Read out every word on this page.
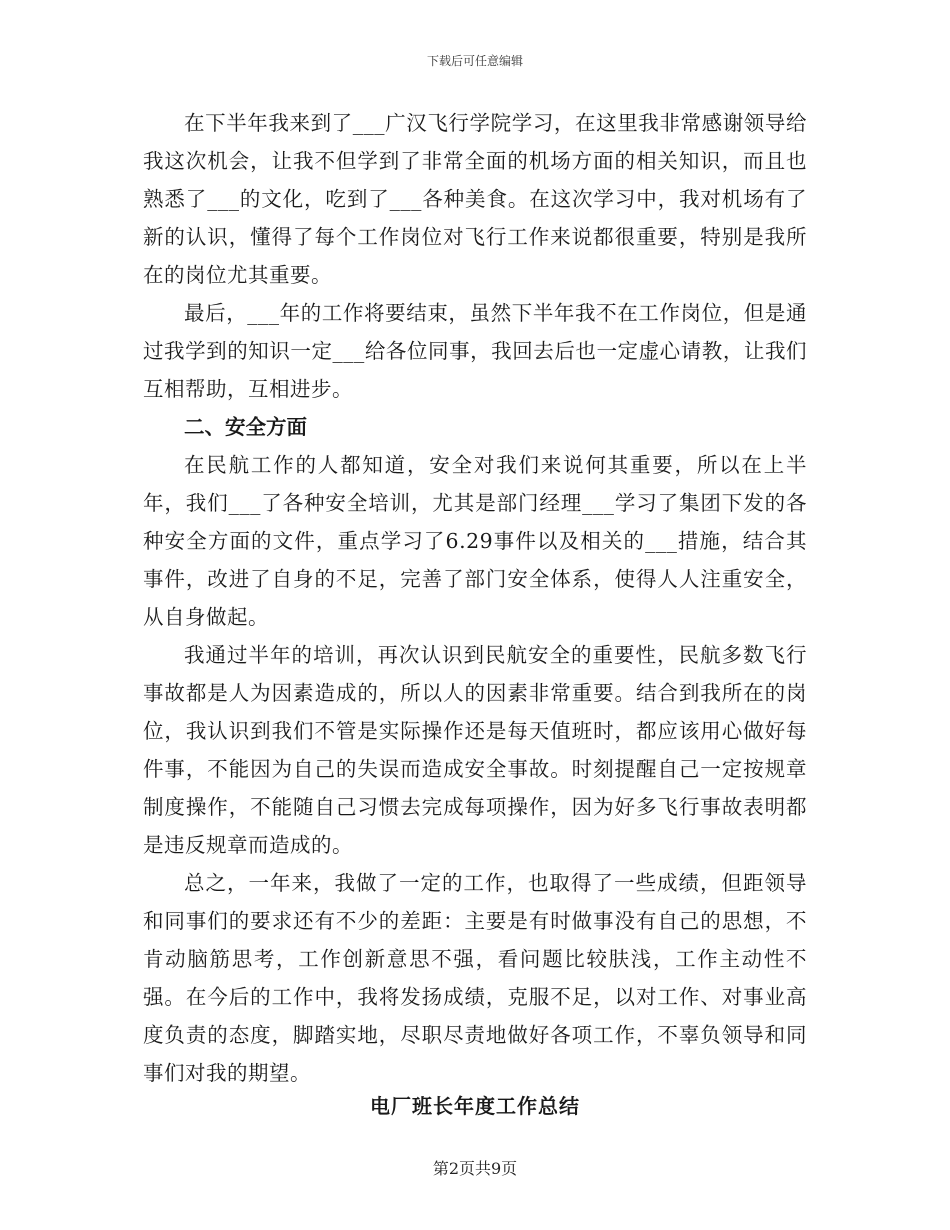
下载后可任意编辑

在下半年我来到了___广汉飞行学院学习，在这里我非常感谢领导给我这次机会，让我不但学到了非常全面的机场方面的相关知识，而且也熟悉了___的文化，吃到了___各种美食。在这次学习中，我对机场有了新的认识，懂得了每个工作岗位对飞行工作来说都很重要，特别是我所在的岗位尤其重要。

最后，___年的工作将要结束，虽然下半年我不在工作岗位，但是通过我学到的知识一定___给各位同事，我回去后也一定虚心请教，让我们互相帮助，互相进步。

二、安全方面

在民航工作的人都知道，安全对我们来说何其重要，所以在上半年，我们___了各种安全培训，尤其是部门经理___学习了集团下发的各种安全方面的文件，重点学习了6.29事件以及相关的___措施，结合其事件，改进了自身的不足，完善了部门安全体系，使得人人注重安全，从自身做起。

我通过半年的培训，再次认识到民航安全的重要性，民航多数飞行事故都是人为因素造成的，所以人的因素非常重要。结合到我所在的岗位，我认识到我们不管是实际操作还是每天值班时，都应该用心做好每件事，不能因为自己的失误而造成安全事故。时刻提醒自己一定按规章制度操作，不能随自己习惯去完成每项操作，因为好多飞行事故表明都是违反规章而造成的。

总之，一年来，我做了一定的工作，也取得了一些成绩，但距领导和同事们的要求还有不少的差距：主要是有时做事没有自己的思想，不肯动脑筋思考，工作创新意思不强，看问题比较肤浅，工作主动性不强。在今后的工作中，我将发扬成绩，克服不足，以对工作、对事业高度负责的态度，脚踏实地，尽职尽责地做好各项工作，不辜负领导和同事们对我的期望。

电厂班长年度工作总结
第2页共9页
